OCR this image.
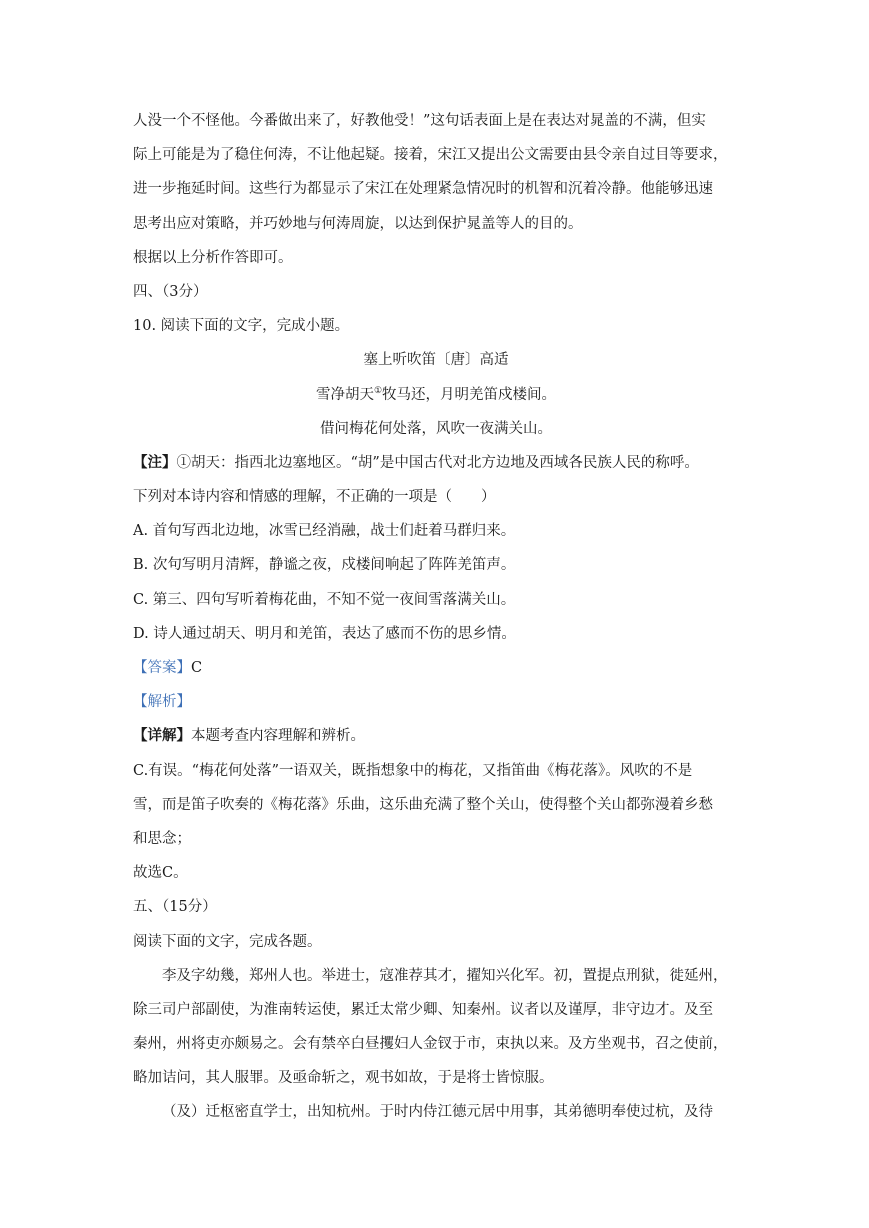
人没一个不怪他。今番做出来了，好教他受！”这句话表面上是在表达对晁盖的不满，但实
际上可能是为了稳住何涛，不让他起疑。接着，宋江又提出公文需要由县令亲自过目等要求，
进一步拖延时间。这些行为都显示了宋江在处理紧急情况时的机智和沉着冷静。他能够迅速
思考出应对策略，并巧妙地与何涛周旋，以达到保护晁盖等人的目的。
根据以上分析作答即可。
四、（3分）
10. 阅读下面的文字，完成小题。
塞上听吹笛〔唐〕高适
雪净胡天①牧马还，月明羌笛戍楼间。
借问梅花何处落，风吹一夜满关山。
【注】①胡天：指西北边塞地区。“胡”是中国古代对北方边地及西域各民族人民的称呼。
下列对本诗内容和情感的理解，不正确的一项是（　　）
A. 首句写西北边地，冰雪已经消融，战士们赶着马群归来。
B. 次句写明月清辉，静谧之夜，戍楼间响起了阵阵羌笛声。
C. 第三、四句写听着梅花曲，不知不觉一夜间雪落满关山。
D. 诗人通过胡天、明月和羌笛，表达了感而不伤的思乡情。
【答案】C
【解析】
【详解】本题考查内容理解和辨析。
C.有误。“梅花何处落”一语双关，既指想象中的梅花，又指笛曲《梅花落》。风吹的不是
雪，而是笛子吹奏的《梅花落》乐曲，这乐曲充满了整个关山，使得整个关山都弥漫着乡愁
和思念；
故选C。
五、（15分）
阅读下面的文字，完成各题。
李及字幼幾，郑州人也。举进士，寇准荐其才，擢知兴化军。初，置提点刑狱，徙延州，
除三司户部副使，为淮南转运使，累迁太常少卿、知秦州。议者以及谨厚，非守边才。及至
秦州，州将吏亦颇易之。会有禁卒白昼攫妇人金钗于市，束执以来。及方坐观书，召之使前，
略加诘问，其人服罪。及亟命斩之，观书如故，于是将士皆惊服。
（及）迁枢密直学士，出知杭州。于时内侍江德元居中用事，其弟德明奉使过杭，及待
